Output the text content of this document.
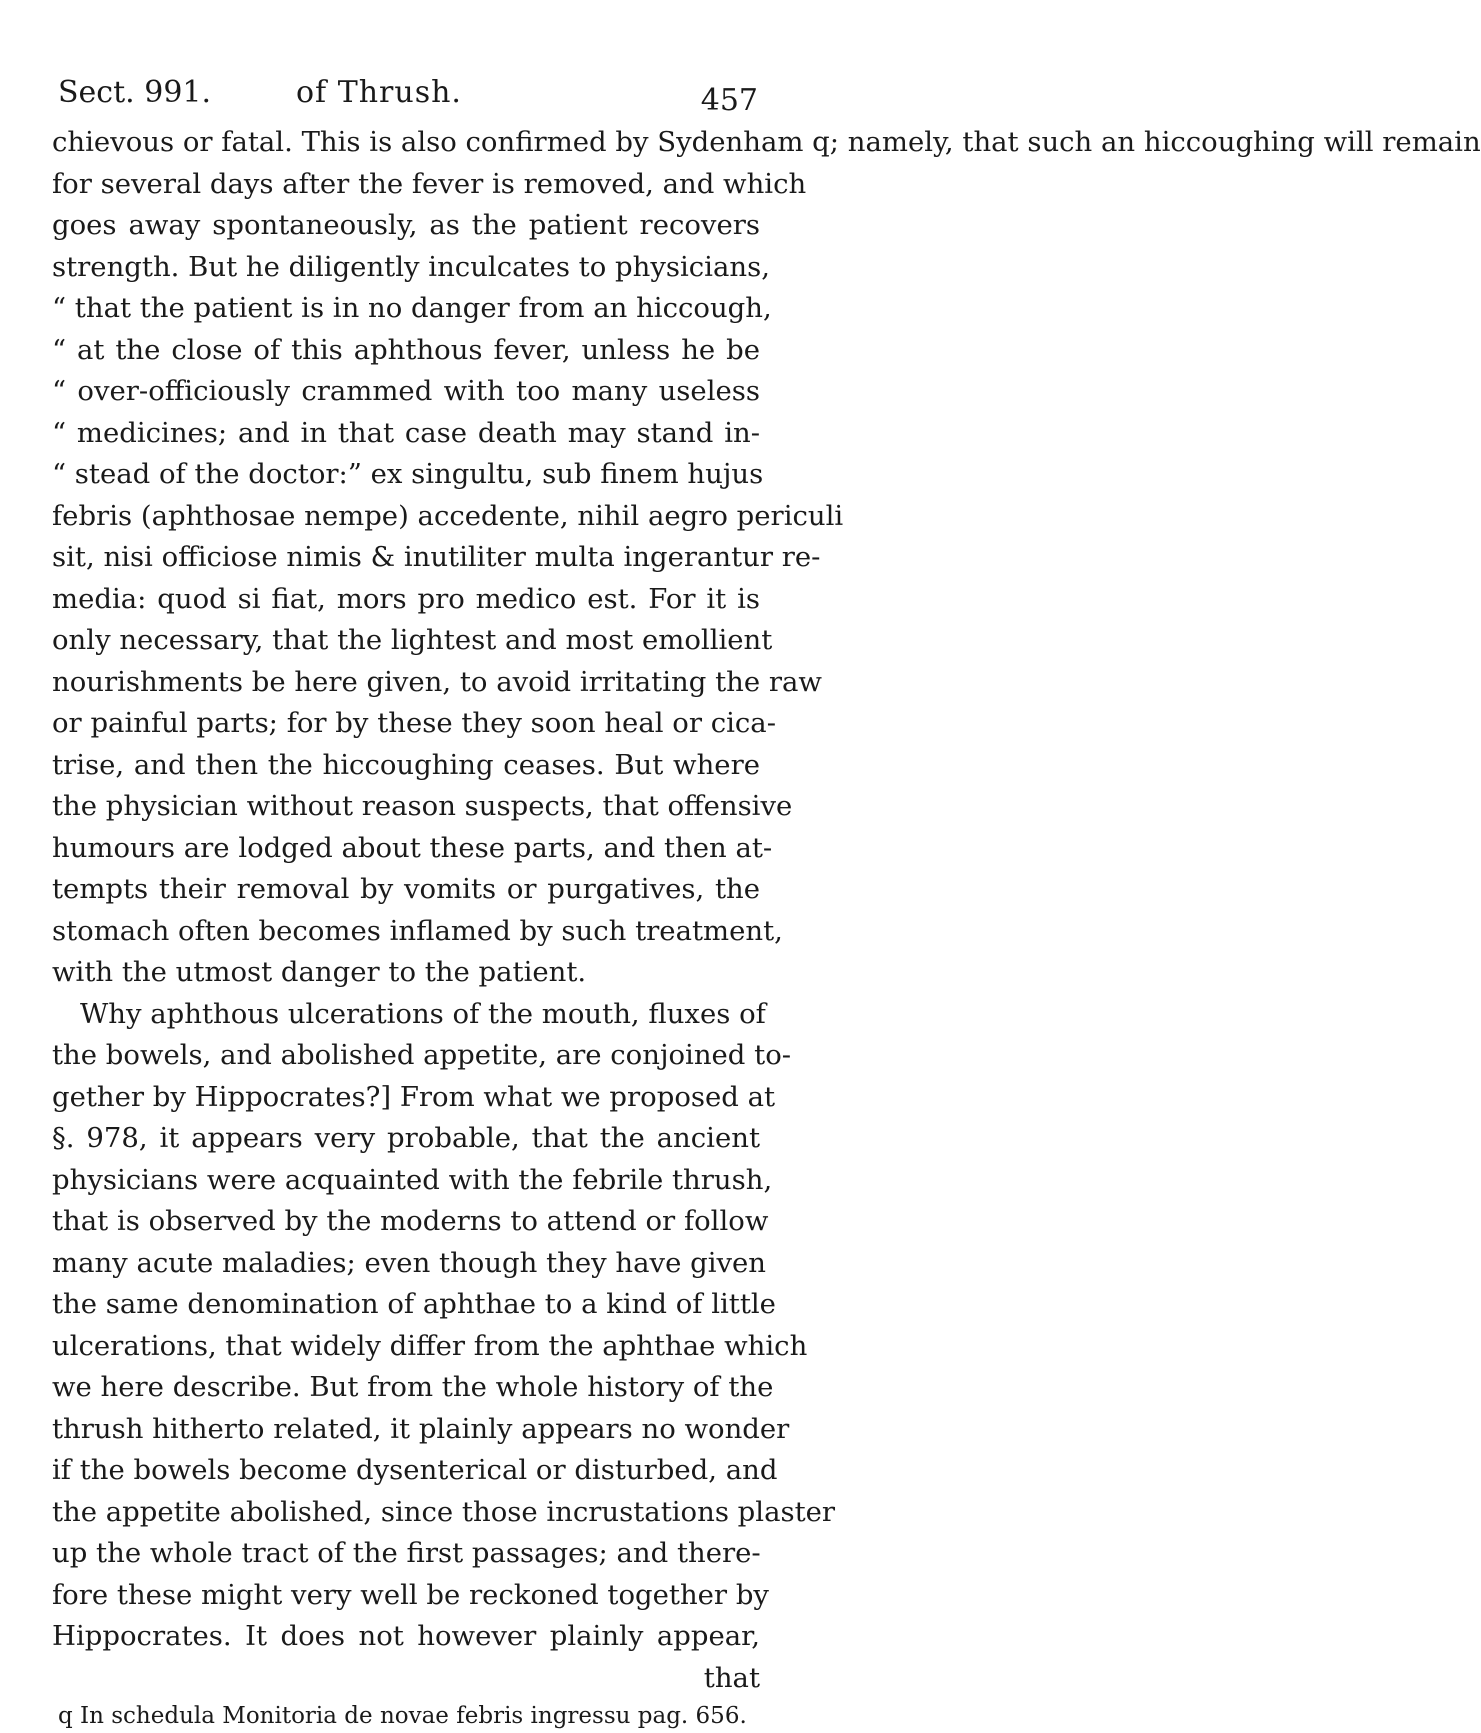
Sect. 991.	of Thrush.	457
chievous or fatal. This is also confirmed by Sydenham q; namely, that such an hiccoughing will remain
for several days after the fever is removed, and which
goes away spontaneously, as the patient recovers
strength. But he diligently inculcates to physicians,
“ that the patient is in no danger from an hiccough,
“ at the close of this aphthous fever, unless he be
“ over-officiously crammed with too many useless
“ medicines; and in that case death may stand in-
“ stead of the doctor:” ex singultu, sub finem hujus
febris (aphthosae nempe) accedente, nihil aegro periculi
sit, nisi officiose nimis & inutiliter multa ingerantur re-
media: quod si fiat, mors pro medico est. For it is
only necessary, that the lightest and most emollient
nourishments be here given, to avoid irritating the raw
or painful parts; for by these they soon heal or cica-
trise, and then the hiccoughing ceases. But where
the physician without reason suspects, that offensive
humours are lodged about these parts, and then at-
tempts their removal by vomits or purgatives, the
stomach often becomes inflamed by such treatment,
with the utmost danger to the patient.
Why aphthous ulcerations of the mouth, fluxes of
the bowels, and abolished appetite, are conjoined to-
gether by Hippocrates?] From what we proposed at
§. 978, it appears very probable, that the ancient
physicians were acquainted with the febrile thrush,
that is observed by the moderns to attend or follow
many acute maladies; even though they have given
the same denomination of aphthae to a kind of little
ulcerations, that widely differ from the aphthae which
we here describe. But from the whole history of the
thrush hitherto related, it plainly appears no wonder
if the bowels become dysenterical or disturbed, and
the appetite abolished, since those incrustations plaster
up the whole tract of the first passages; and there-
fore these might very well be reckoned together by
Hippocrates. It does not however plainly appear,
that
q In schedula Monitoria de novae febris ingressu pag. 656.
